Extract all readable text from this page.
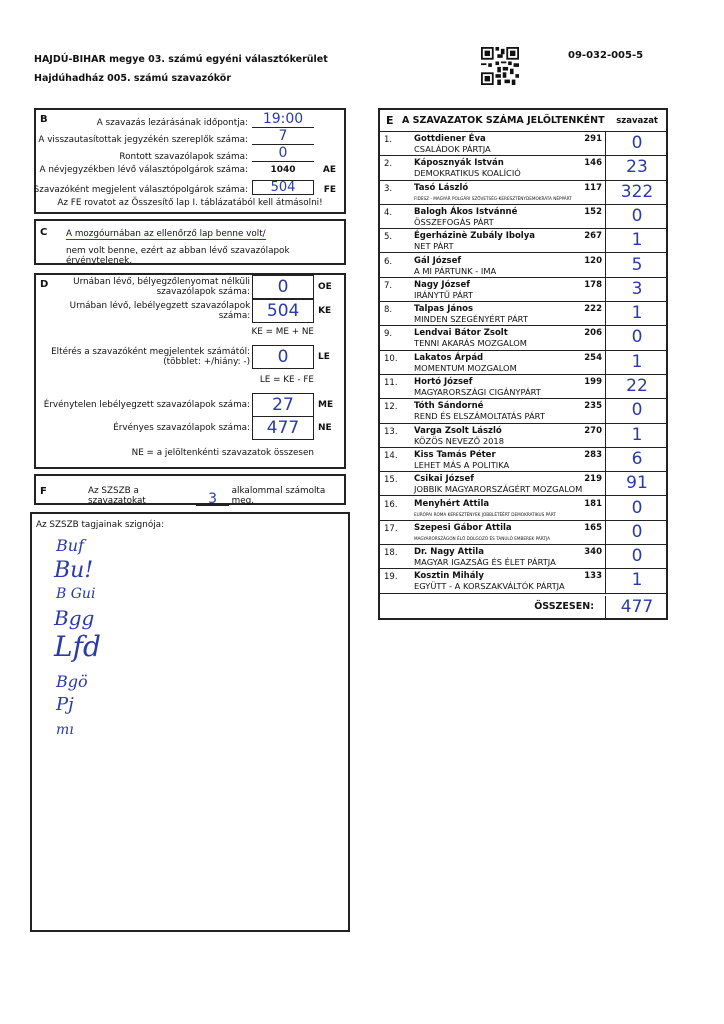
HAJDÚ-BIHAR megye 03. számú egyéni választókerület
Hajdúhadház 005. számú szavazókör
09-032-005-5
B	A szavazás lezárásának időpontja:	19:00
A visszautasítottak jegyzékén szereplők száma:	7
Rontott szavazólapok száma:	0
A névjegyzékben lévő választópolgárok száma:	1040	AE
Szavazóként megjelent választópolgárok száma:	504	FE
Az FE rovatot az Összesítő lap I. táblázatából kell átmásolni!
C A mozgóurnában az ellenőrző lap benne volt/
nem volt benne, ezért az abban lévő szavazólapok érvénytelenek.
D	Urnában lévő, bélyegzőlenyomat nélküli
szavazólapok száma:	0	OE
Urnában lévő, lebélyegzett szavazólapok száma: 504	KE
KE = ME + NE
Eltérés a szavazóként megjelentek számától:
(többlet: +/hiány: -)	0	LE
LE = KE - FE
Érvénytelen lebélyegzett szavazólapok száma:	27	ME
Érvényes szavazólapok száma: 477	NE
NE = a jelöltenkénti szavazatok összesen
F	Az SZSZB a szavazatokat	3	alkalommal számolta meg.
Az SZSZB tagjainak szignója:
Buf
Bu!
B Gui
Bgg
Lfd
Bgö
Pj
mı
E A SZAVAZATOK SZÁMA JELÖLTENKÉNT szavazat
1.	Gottdiener Éva
CSALÁDOK PÁRTJA
291	0
2.	Káposznyák István
DEMOKRATIKUS KOALÍCIÓ
146	23
3.	Tasó László
FIDESZ - MAGYAR POLGÁRI SZÖVETSÉG-KERESZTÉNYDEMOKRATA NÉPPÁRT
117	322
4.	Balogh Ákos Istvánné
ÖSSZEFOGÁS PÁRT
152	0
5.	Égerházinè Zubály Ibolya
NET PÁRT
267	1
6.	Gál József
A MI PÁRTUNK - IMA
120	5
7.	Nagy József
IRÁNYTŰ PÁRT
178	3
8.	Talpas János
MINDEN SZEGÉNYÉRT PÁRT
222	1
9.	Lendvai Bátor Zsolt
TENNI AKARÁS MOZGALOM
206	0
10. Lakatos Árpád
MOMENTUM MOZGALOM
254	1
11. Hortó József
MAGYARORSZÁGI CIGÁNYPÁRT
199	22
12. Tóth Sándorné
REND ÉS ELSZÁMOLTATÁS PÁRT
235	0
13. Varga Zsolt László
KÖZÖS NEVEZŐ 2018
270	1
14. Kiss Tamás Péter
LEHET MÁS A POLITIKA
283	6
15. Csikai József
JOBBIK MAGYARORSZÁGÉRT MOZGALOM
219	91
16. Menyhért Attila
EURÓPAI ROMA KERESZTÉNYEK JOBBLÉTÉÉRT DEMOKRATIKUS PÁRT
181	0
17. Szepesi Gábor Attila
MAGYARORSZÁGON ÉLŐ DOLGOZÓ ÉS TANULÓ EMBEREK PÁRTJA
165	0
18. Dr. Nagy Attila
MAGYAR IGAZSÁG ÉS ÉLET PÁRTJA
340	0
19. Kosztin Mihály
EGYÜTT - A KORSZAKVÁLTÓK PÁRTJA
133	1
ÖSSZESEN:	477
